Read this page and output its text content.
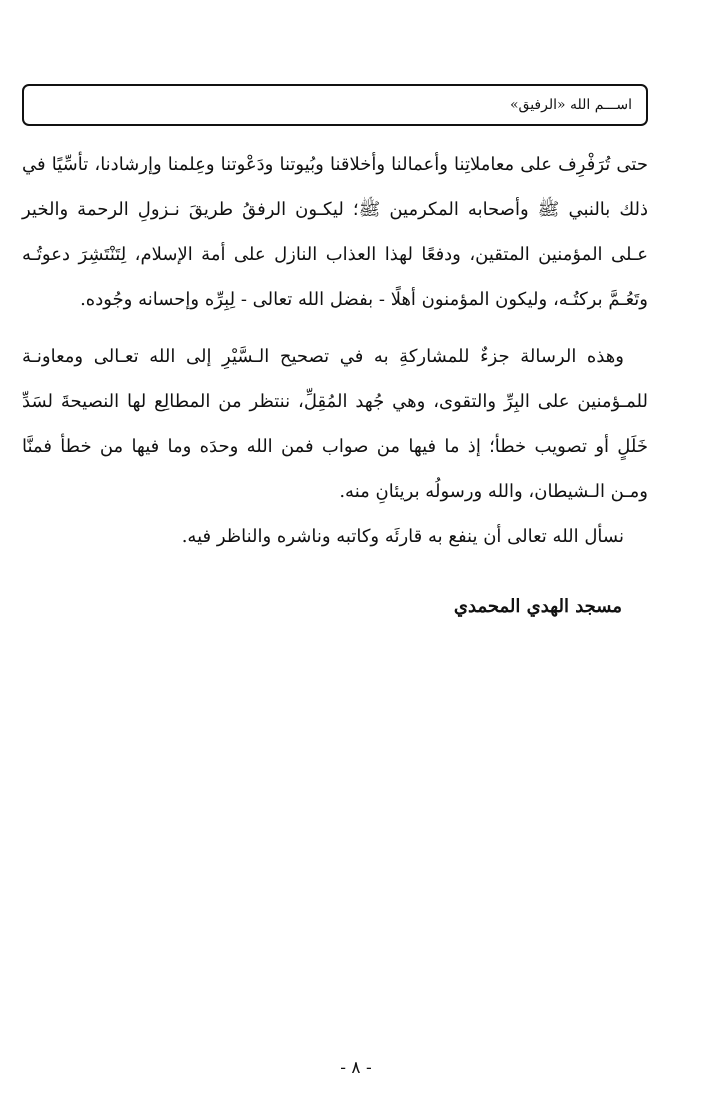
اســـم الله «الرفيق»

حتى تُرَفْرِف على معاملاتِنا وأعمالنا وأخلاقنا وبُيوتنا ودَعْوتنا وعِلمنا وإرشادنا، تأسِّيًا في ذلك بالنبي ﷺ وأصحابه المكرمين ﷺ؛ ليكـون الرفقُ طريقَ نـزولِ الرحمة والخير عـلى المؤمنين المتقين، ودفعًا لهذا العذاب النازل على أمة الإسلام، لِتَنْتَشِرَ دعوتُـه وتَعُـمَّ بركتُـه، وليكون المؤمنون أهلًا - بفضل الله تعالى - لِبِرِّه وإحسانه وجُوده.

وهذه الرسالة جزءٌ للمشاركةِ به في تصحيح الـسَّيْرِ إلى الله تعـالى ومعاونـة للمـؤمنين على البِرِّ والتقوى، وهي جُهد المُقِلِّ، ننتظر من المطالِع لها النصيحةَ لسَدِّ خَلَلٍ أو تصويب خطأ؛ إذ ما فيها من صواب فمن الله وحدَه وما فيها من خطأ فمنَّا ومـن الـشيطان، والله ورسولُه بريئانِ منه.

نسأل الله تعالى أن ينفع به قارئَه وكاتبه وناشره والناظر فيه.

مسجد الهدي المحمدي
- ٨ -
